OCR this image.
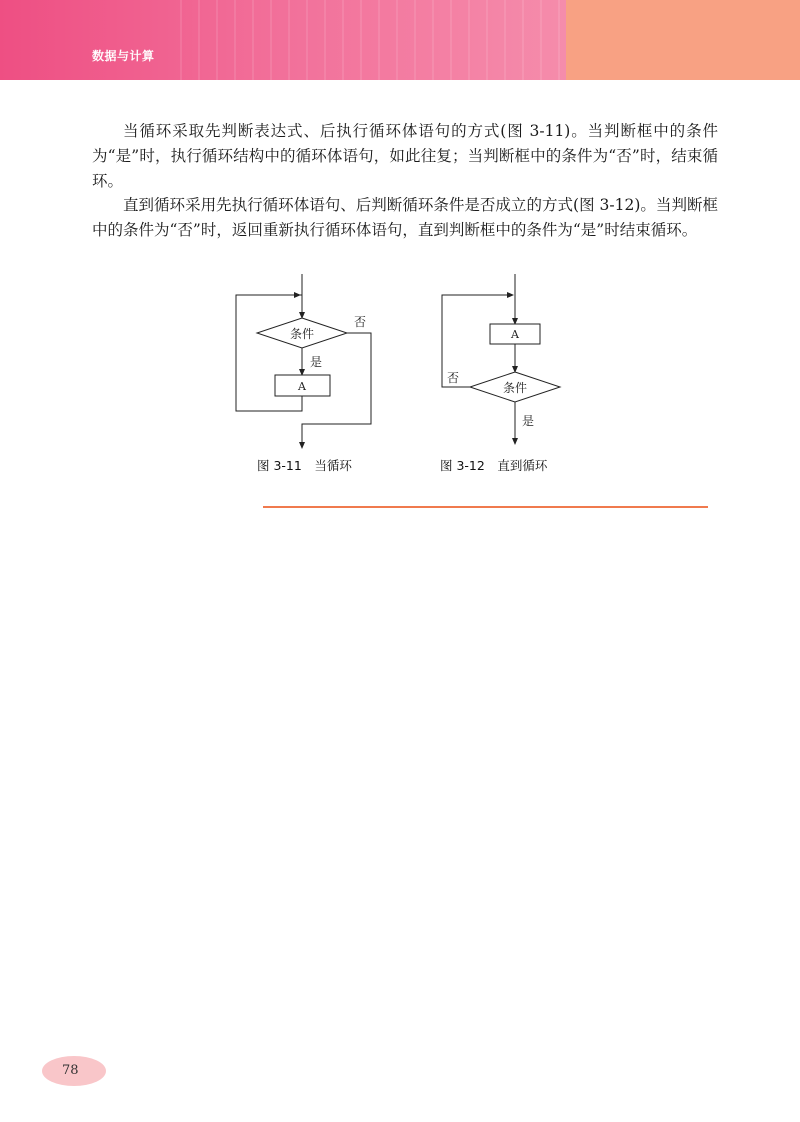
数据与计算

当循环采取先判断表达式、后执行循环体语句的方式(图 3-11)。当判断框中的条件为“是”时，执行循环结构中的循环体语句，如此往复；当判断框中的条件为“否”时，结束循环。

直到循环采用先执行循环体语句、后判断循环条件是否成立的方式(图 3-12)。当判断框中的条件为“否”时，返回重新执行循环体语句，直到判断框中的条件为“是”时结束循环。

条件
是
否
A	条件
是
否
A
图 3-11　当循环	图 3-12　直到循环
78
